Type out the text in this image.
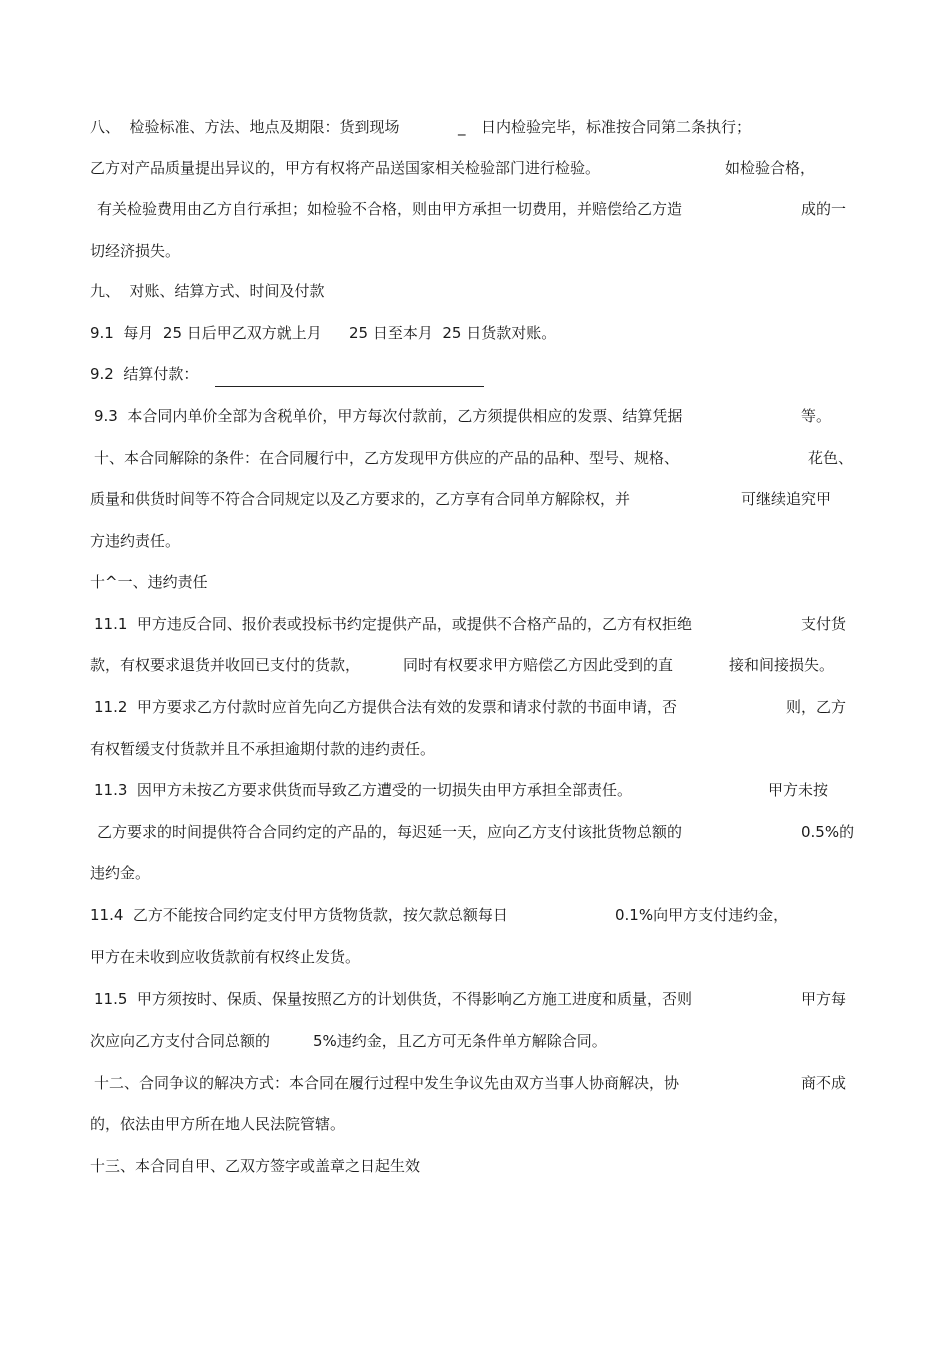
八、  检验标准、方法、地点及期限：货到现场

	_

日内检验完毕，标准按合同第二条执行；

乙方对产品质量提出异议的，甲方有权将产品送国家相关检验部门进行检验。

	如检验合格，

有关检验费用由乙方自行承担；如检验不合格，则由甲方承担一切费用，并赔偿给乙方造

	成的一

切经济损失。

九、  对账、结算方式、时间及付款

9.1  每月  25 日后甲乙双方就上月

25 日至本月  25 日货款对账。

9.2  结算付款：

9.3  本合同内单价全部为含税单价，甲方每次付款前，乙方须提供相应的发票、结算凭据

	等。

十、本合同解除的条件：在合同履行中，乙方发现甲方供应的产品的品种、型号、规格、

	花色、

质量和供货时间等不符合合同规定以及乙方要求的，乙方享有合同单方解除权，并

	可继续追究甲

方违约责任。

十^一、违约责任

11.1  甲方违反合同、报价表或投标书约定提供产品，或提供不合格产品的，乙方有权拒绝

	支付货

款，有权要求退货并收回已支付的货款，

	同时有权要求甲方赔偿乙方因此受到的直

	接和间接损失。

11.2  甲方要求乙方付款时应首先向乙方提供合法有效的发票和请求付款的书面申请，否

	则，乙方

有权暂缓支付货款并且不承担逾期付款的违约责任。

11.3  因甲方未按乙方要求供货而导致乙方遭受的一切损失由甲方承担全部责任。

	甲方未按

乙方要求的时间提供符合合同约定的产品的，每迟延一天，应向乙方支付该批货物总额的

	0.5%的

违约金。

11.4  乙方不能按合同约定支付甲方货物货款，按欠款总额每日

	0.1%向甲方支付违约金，

甲方在未收到应收货款前有权终止发货。

11.5  甲方须按时、保质、保量按照乙方的计划供货，不得影响乙方施工进度和质量，否则

	甲方每

次应向乙方支付合同总额的

	5%违约金，且乙方可无条件单方解除合同。

十二、合同争议的解决方式：本合同在履行过程中发生争议先由双方当事人协商解决，协

	商不成

的，依法由甲方所在地人民法院管辖。

十三、本合同自甲、乙双方签字或盖章之日起生效
